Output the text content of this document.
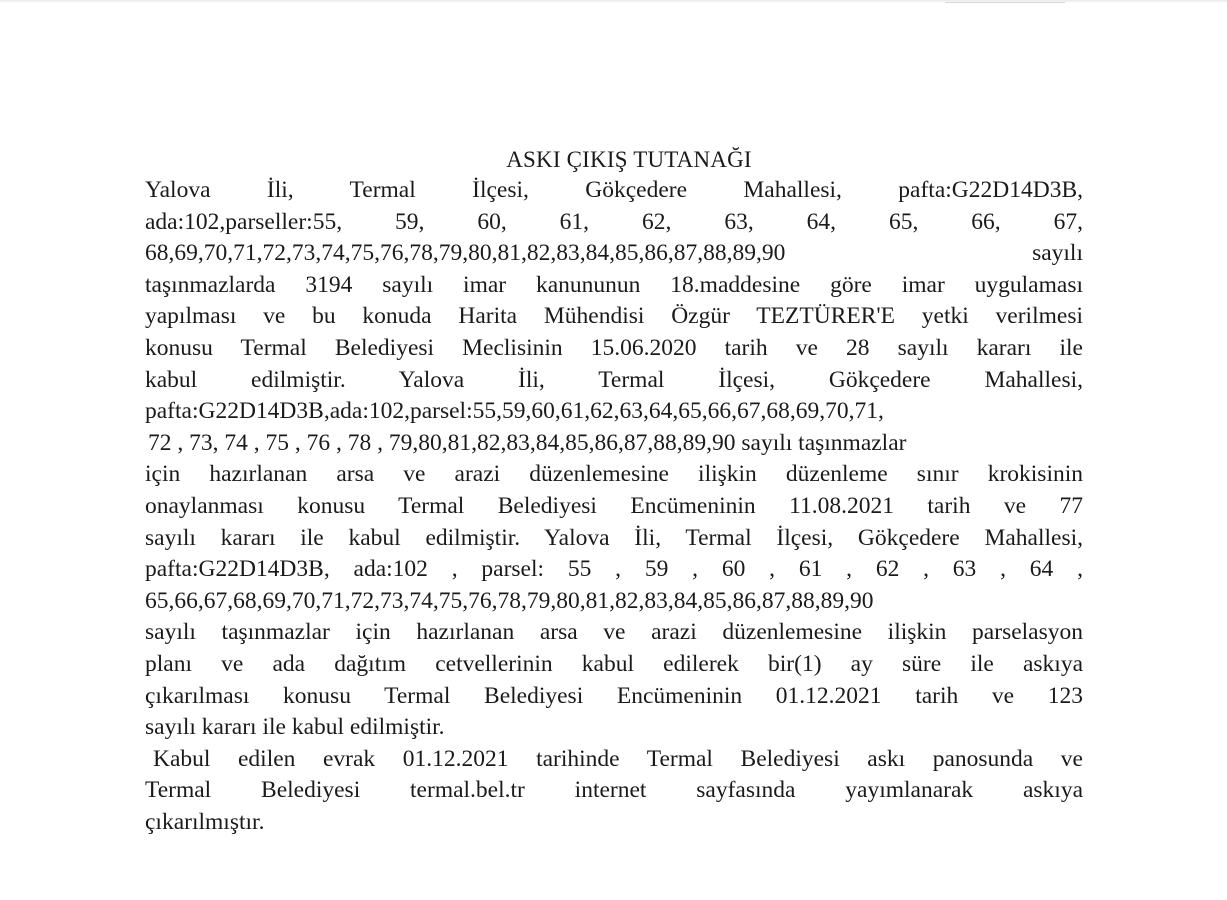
ASKI ÇIKIŞ TUTANAĞI
Yalova İli, Termal İlçesi, Gökçedere Mahallesi, pafta:G22D14D3B,
ada:102,parseller:55, 59, 60, 61, 62, 63, 64, 65, 66, 67,
68,69,70,71,72,73,74,75,76,78,79,80,81,82,83,84,85,86,87,88,89,90 sayılı
taşınmazlarda 3194 sayılı imar kanununun 18.maddesine göre imar uygulaması
yapılması ve bu konuda Harita Mühendisi Özgür TEZTÜRER'E yetki verilmesi
konusu Termal Belediyesi Meclisinin 15.06.2020 tarih ve 28 sayılı kararı ile
kabul edilmiştir. Yalova İli, Termal İlçesi, Gökçedere Mahallesi,
pafta:G22D14D3B,ada:102,parsel:55,59,60,61,62,63,64,65,66,67,68,69,70,71,
72 , 73, 74 , 75 , 76 , 78 , 79,80,81,82,83,84,85,86,87,88,89,90 sayılı taşınmazlar
için hazırlanan arsa ve arazi düzenlemesine ilişkin düzenleme sınır krokisinin
onaylanması konusu Termal Belediyesi Encümeninin 11.08.2021 tarih ve 77
sayılı kararı ile kabul edilmiştir. Yalova İli, Termal İlçesi, Gökçedere Mahallesi,
pafta:G22D14D3B, ada:102 , parsel: 55 , 59 , 60 , 61 , 62 , 63 , 64 ,
65,66,67,68,69,70,71,72,73,74,75,76,78,79,80,81,82,83,84,85,86,87,88,89,90
sayılı taşınmazlar için hazırlanan arsa ve arazi düzenlemesine ilişkin parselasyon
planı ve ada dağıtım cetvellerinin kabul edilerek bir(1) ay süre ile askıya
çıkarılması konusu Termal Belediyesi Encümeninin 01.12.2021 tarih ve 123
sayılı kararı ile kabul edilmiştir.
Kabul edilen evrak 01.12.2021 tarihinde Termal Belediyesi askı panosunda ve
Termal Belediyesi termal.bel.tr internet sayfasında yayımlanarak askıya
çıkarılmıştır.
